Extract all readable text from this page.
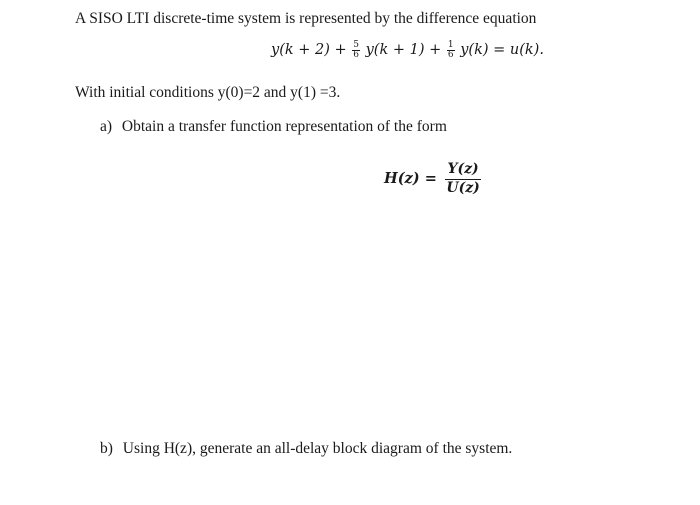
A SISO LTI discrete-time system is represented by the difference equation
$y(k + 2) + \frac{5}{6} y(k + 1) + \frac{1}{6} y(k) = u(k)$.
With initial conditions y(0)=2 and y(1) =3.
a) Obtain a transfer function representation of the form
$H(z) = \frac{Y(z)}{U(z)}$
b) Using H(z), generate an all-delay block diagram of the system.
